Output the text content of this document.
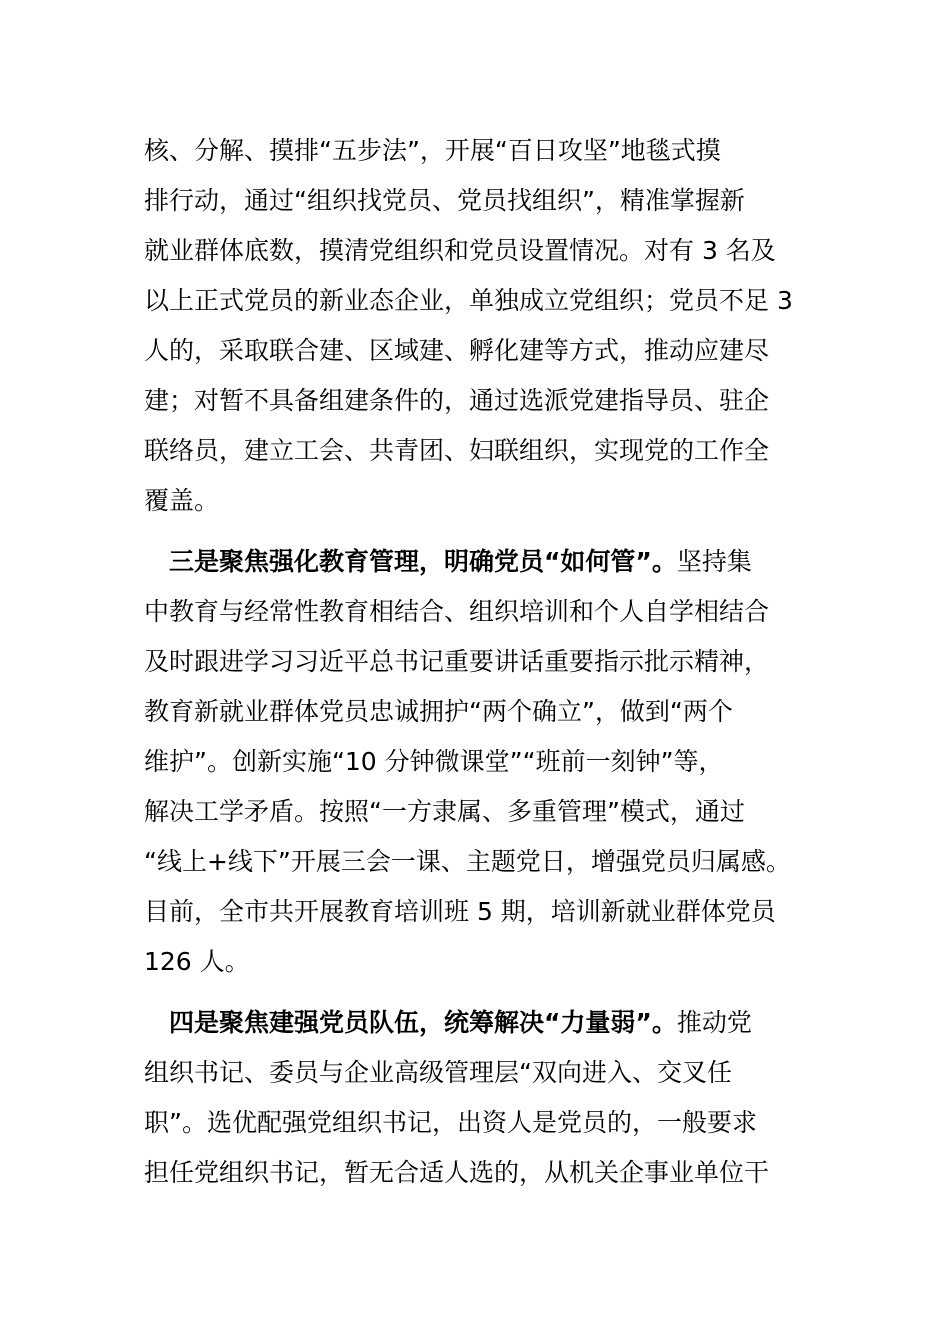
核、分解、摸排“五步法”，开展“百日攻坚”地毯式摸
排行动，通过“组织找党员、党员找组织”，精准掌握新
就业群体底数，摸清党组织和党员设置情况。对有 3 名及
以上正式党员的新业态企业，单独成立党组织；党员不足 3
人的，采取联合建、区域建、孵化建等方式，推动应建尽
建；对暂不具备组建条件的，通过选派党建指导员、驻企
联络员，建立工会、共青团、妇联组织，实现党的工作全
覆盖。
 三是聚焦强化教育管理，明确党员“如何管”。坚持集
中教育与经常性教育相结合、组织培训和个人自学相结合
及时跟进学习习近平总书记重要讲话重要指示批示精神，
教育新就业群体党员忠诚拥护“两个确立”，做到“两个
维护”。创新实施“10 分钟微课堂”“班前一刻钟”等，
解决工学矛盾。按照“一方隶属、多重管理”模式，通过
“线上+线下”开展三会一课、主题党日，增强党员归属感。
目前，全市共开展教育培训班 5 期，培训新就业群体党员
126 人。
 四是聚焦建强党员队伍，统筹解决“力量弱”。推动党
组织书记、委员与企业高级管理层“双向进入、交叉任
职”。选优配强党组织书记，出资人是党员的，一般要求
担任党组织书记，暂无合适人选的，从机关企事业单位干
